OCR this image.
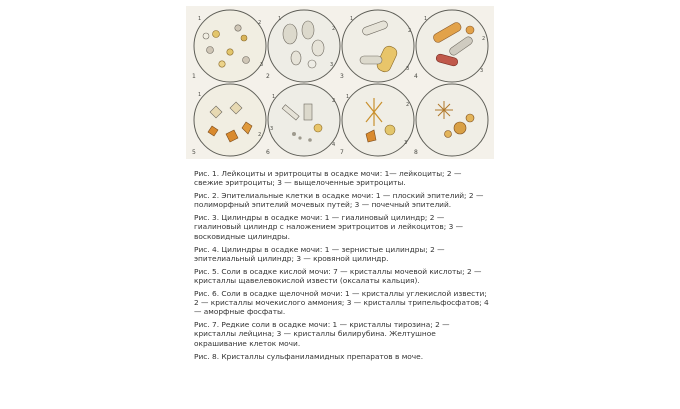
1	2	3	4
5	6	7	8
1
2
3
1
2
3
1
2
3
1
2
3
1
2
1
2
3
4
1
2
3

Рис. 1. Лейкоциты и эритроциты в осадке мочи: 1— лейкоциты; 2 —свежие эритроциты; 3 — выщелоченные эритроциты.

Рис. 2. Эпителиальные клетки в осадке мочи: 1 — плоский эпителий; 2 — полиморфный эпителий мочевых путей; 3 — почечный эпителий.

Рис. 3. Цилиндры в осадке мочи: 1 — гиалиновый цилиндр; 2 — гиалиновый цилиндр с наложением эритроцитов и лейкоцитов; 3 — восковидные цилиндры.

Рис. 4. Цилиндры в осадке мочи: 1 — зернистые цилиндры; 2 — эпителиальный цилиндр; 3 — кровяной цилиндр.

Рис. 5. Соли в осадке кислой мочи: 7 — кристаллы мочевой кислоты; 2 — кристаллы щавелевокислой извести (оксалаты кальция).

Рис. 6. Соли в осадке щелочной мочи: 1 — кристаллы углекислой извести; 2 — кристаллы мочекислого аммония; 3 — кристаллы трипельфосфатов; 4 — аморфные фосфаты.

Рис. 7. Редкие соли в осадке мочи: 1 — кристаллы тирозина; 2 — кристаллы лейцина; 3 — кристаллы билирубина. Желтушное окрашивание клеток мочи.

Рис. 8. Кристаллы сульфаниламидных препаратов в моче.
